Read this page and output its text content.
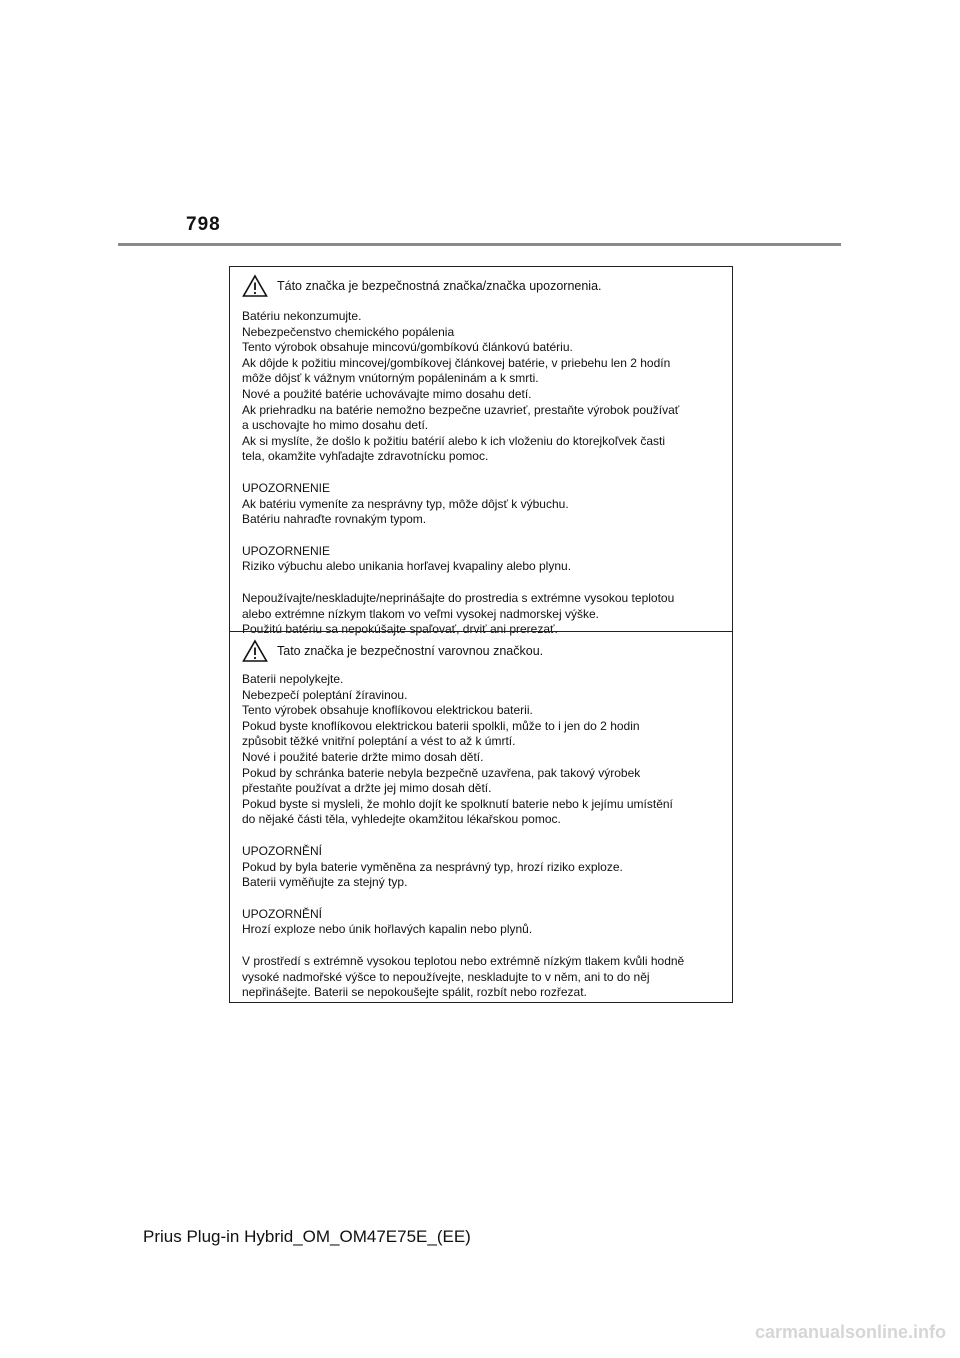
798
Táto značka je bezpečnostná značka/značka upozornenia.

Batériu nekonzumujte.
Nebezpečenstvo chemického popálenia
Tento výrobok obsahuje mincovú/gombíkovú článkovú batériu.
Ak dôjde k požitiu mincovej/gombíkovej článkovej batérie, v priebehu len 2 hodín
môže dôjsť k vážnym vnútorným popáleninám a k smrti.
Nové a použité batérie uchovávajte mimo dosahu detí.
Ak priehradku na batérie nemožno bezpečne uzavrieť, prestaňte výrobok používať
a uschovajte ho mimo dosahu detí.
Ak si myslíte, že došlo k požitiu batérií alebo k ich vloženiu do ktorejkoľvek časti
tela, okamžite vyhľadajte zdravotnícku pomoc.

UPOZORNENIE
Ak batériu vymeníte za nesprávny typ, môže dôjsť k výbuchu.
Batériu nahraďte rovnakým typom.

UPOZORNENIE
Riziko výbuchu alebo unikania horľavej kvapaliny alebo plynu.

Nepoužívajte/neskladujte/neprinášajte do prostredia s extrémne vysokou teplotou
alebo extrémne nízkym tlakom vo veľmi vysokej nadmorskej výške.
Použitú batériu sa nepokúšajte spaľovať, drviť ani prerezať.

Tato značka je bezpečnostní varovnou značkou.

Baterii nepolykejte.
Nebezpečí poleptání žíravinou.
Tento výrobek obsahuje knoflíkovou elektrickou baterii.
Pokud byste knoflíkovou elektrickou baterii spolkli, může to i jen do 2 hodin
způsobit těžké vnitřní poleptání a vést to až k úmrtí.
Nové i použité baterie držte mimo dosah dětí.
Pokud by schránka baterie nebyla bezpečně uzavřena, pak takový výrobek
přestaňte používat a držte jej mimo dosah dětí.
Pokud byste si mysleli, že mohlo dojít ke spolknutí baterie nebo k jejímu umístění
do nějaké části těla, vyhledejte okamžitou lékařskou pomoc.

UPOZORNĚNÍ
Pokud by byla baterie vyměněna za nesprávný typ, hrozí riziko exploze.
Baterii vyměňujte za stejný typ.

UPOZORNĚNÍ
Hrozí exploze nebo únik hořlavých kapalin nebo plynů.

V prostředí s extrémně vysokou teplotou nebo extrémně nízkým tlakem kvůli hodně
vysoké nadmořské výšce to nepoužívejte, neskladujte to v něm, ani to do něj
nepřinášejte. Baterii se nepokoušejte spálit, rozbít nebo rozřezat.

Prius Plug-in Hybrid_OM_OM47E75E_(EE)
carmanualsonline.info
